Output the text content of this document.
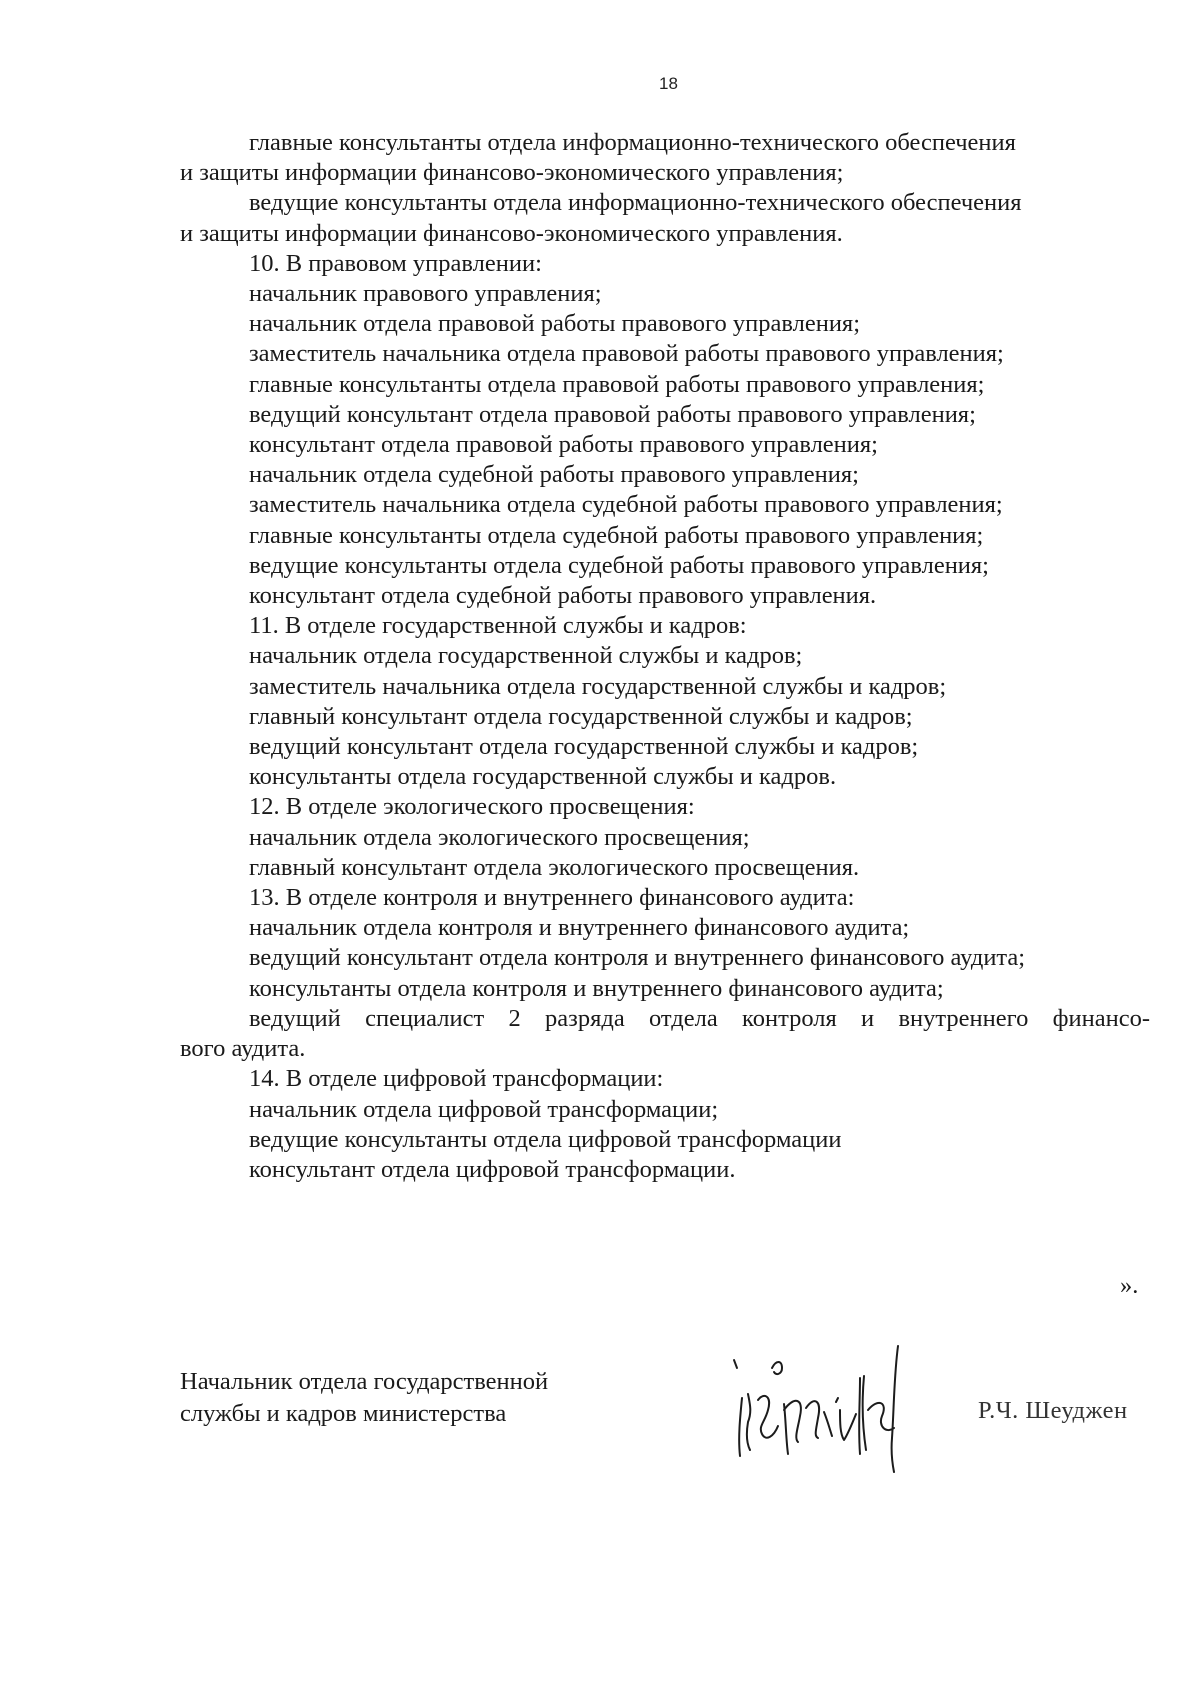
18
главные консультанты отдела информационно-технического обеспечения
и защиты информации финансово-экономического управления;
ведущие консультанты отдела информационно-технического обеспечения
и защиты информации финансово-экономического управления.
10. В правовом управлении:
начальник правового управления;
начальник отдела правовой работы правового управления;
заместитель начальника отдела правовой работы правового управления;
главные консультанты отдела правовой работы правового управления;
ведущий консультант отдела правовой работы правового управления;
консультант отдела правовой работы правового управления;
начальник отдела судебной работы правового управления;
заместитель начальника отдела судебной работы правового управления;
главные консультанты отдела судебной работы правового управления;
ведущие консультанты отдела судебной работы правового управления;
консультант отдела судебной работы правового управления.
11. В отделе государственной службы и кадров:
начальник отдела государственной службы и кадров;
заместитель начальника отдела государственной службы и кадров;
главный консультант отдела государственной службы и кадров;
ведущий консультант отдела государственной службы и кадров;
консультанты отдела государственной службы и кадров.
12. В отделе экологического просвещения:
начальник отдела экологического просвещения;
главный консультант отдела экологического просвещения.
13. В отделе контроля и внутреннего финансового аудита:
начальник отдела контроля и внутреннего финансового аудита;
ведущий консультант отдела контроля и внутреннего финансового аудита;
консультанты отдела контроля и внутреннего финансового аудита;
ведущий специалист 2 разряда отдела контроля и внутреннего финансо-
вого аудита.
14. В отделе цифровой трансформации:
начальник отдела цифровой трансформации;
ведущие консультанты отдела цифровой трансформации
консультант отдела цифровой трансформации.
».
Начальник отдела государственной
службы и кадров министерства	Р.Ч. Шеуджен
